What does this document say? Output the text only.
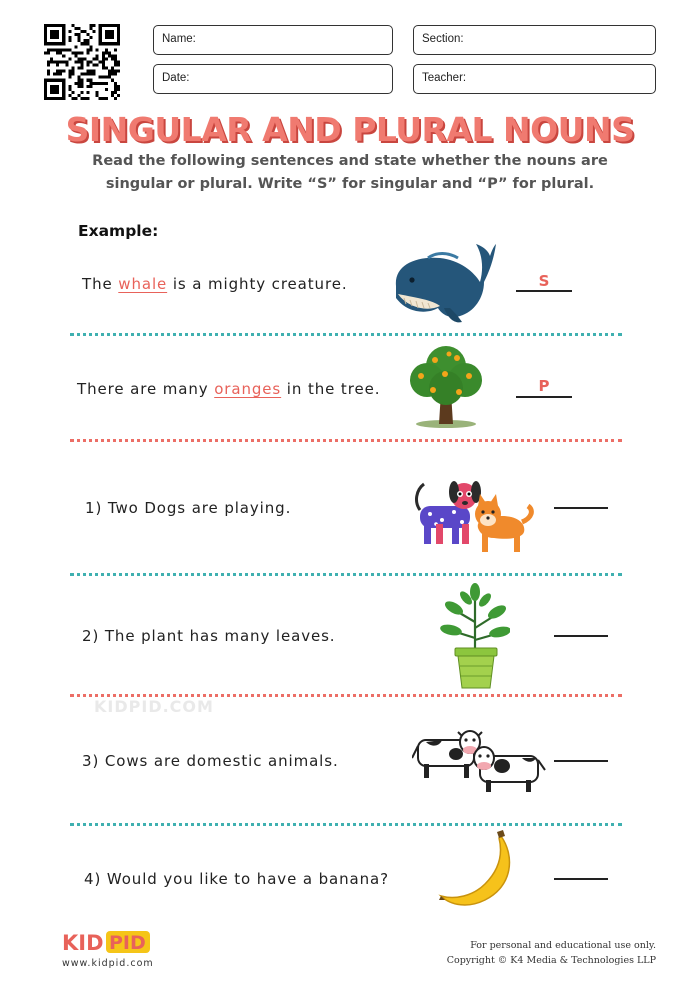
Name:	Section:
Date:	Teacher:
SINGULAR AND PLURAL NOUNS
Read the following sentences and state whether the nouns are
singular or plural. Write “S” for singular and “P” for plural.
Example:
The whale is a mighty creature.	S
There are many oranges in the tree.	P
1) Two Dogs are playing.
2) The plant has many leaves.
KIDPID.COM
3) Cows are domestic animals.
4) Would you like to have a banana?
KID PID
www.kidpid.com
For personal and educational use only.
Copyright © K4 Media & Technologies LLP
